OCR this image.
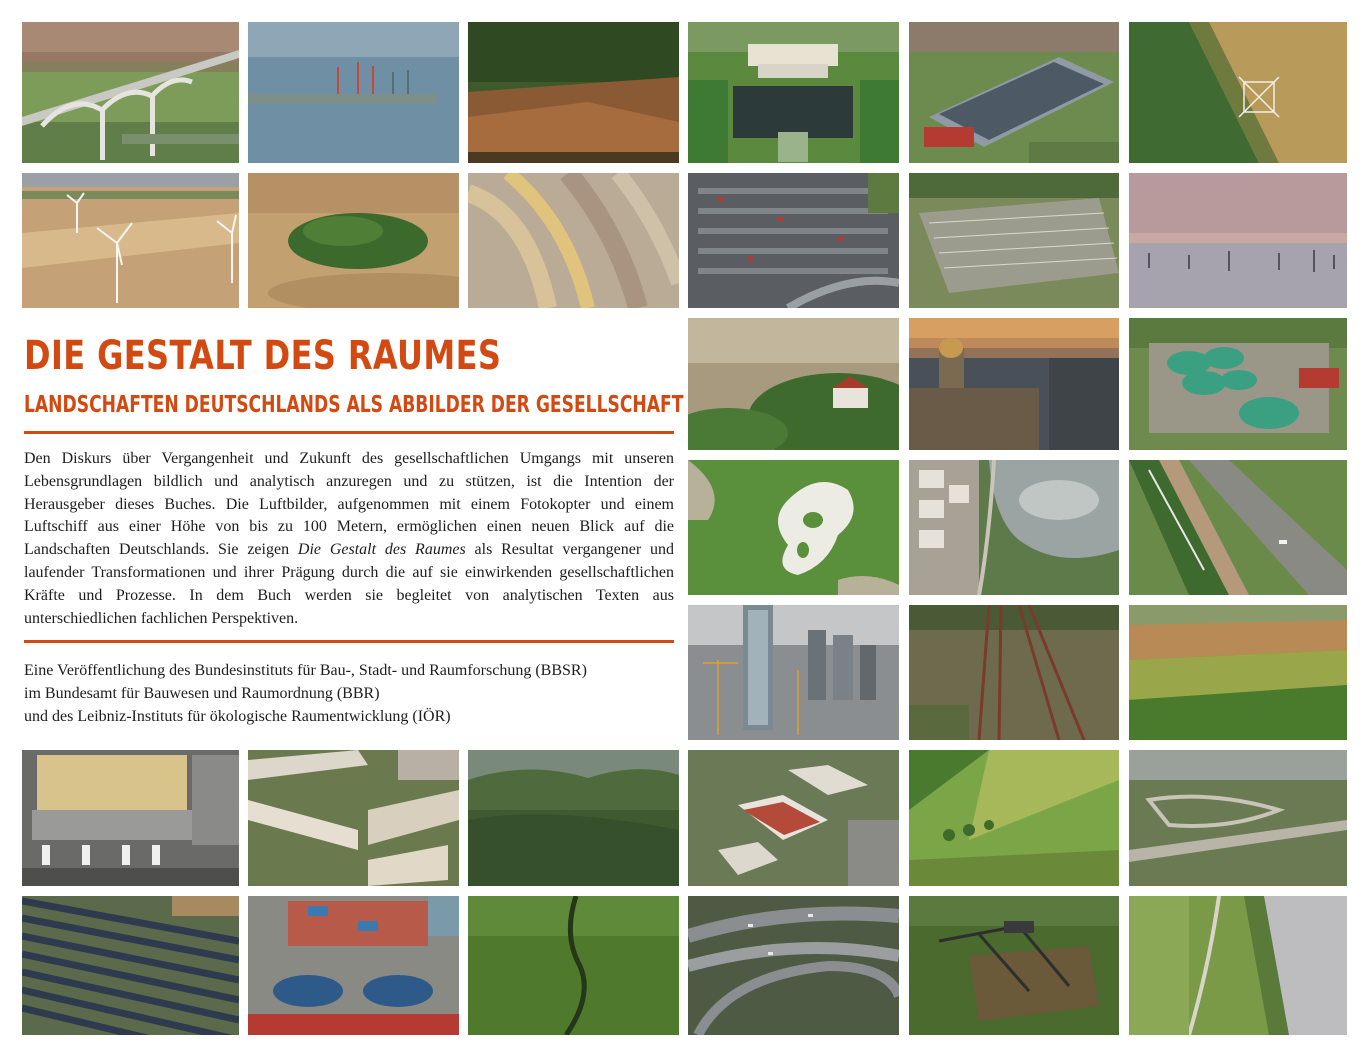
DIE GESTALT DES RAUMES
LANDSCHAFTEN DEUTSCHLANDS ALS ABBILDER DER GESELLSCHAFT

Den Diskurs über Vergangenheit und Zukunft des gesellschaftlichen Umgangs mit unseren Lebensgrundlagen bildlich und analytisch anzuregen und zu stützen, ist die Intention der Herausgeber dieses Buches. Die Luftbilder, aufgenommen mit einem Fotokopter und einem Luftschiff aus einer Höhe von bis zu 100 Metern, ermöglichen einen neuen Blick auf die Landschaften Deutschlands. Sie zeigen Die Gestalt des Raumes als Resultat vergangener und laufender Transformationen und ihrer Prägung durch die auf sie einwirkenden gesellschaftlichen Kräfte und Prozesse. In dem Buch werden sie begleitet von analytischen Texten aus unterschiedlichen fachlichen Perspektiven.

Eine Veröffentlichung des Bundesinstituts für Bau-, Stadt- und Raumforschung (BBSR)
im Bundesamt für Bauwesen und Raumordnung (BBR)
und des Leibniz-Instituts für ökologische Raumentwicklung (IÖR)
